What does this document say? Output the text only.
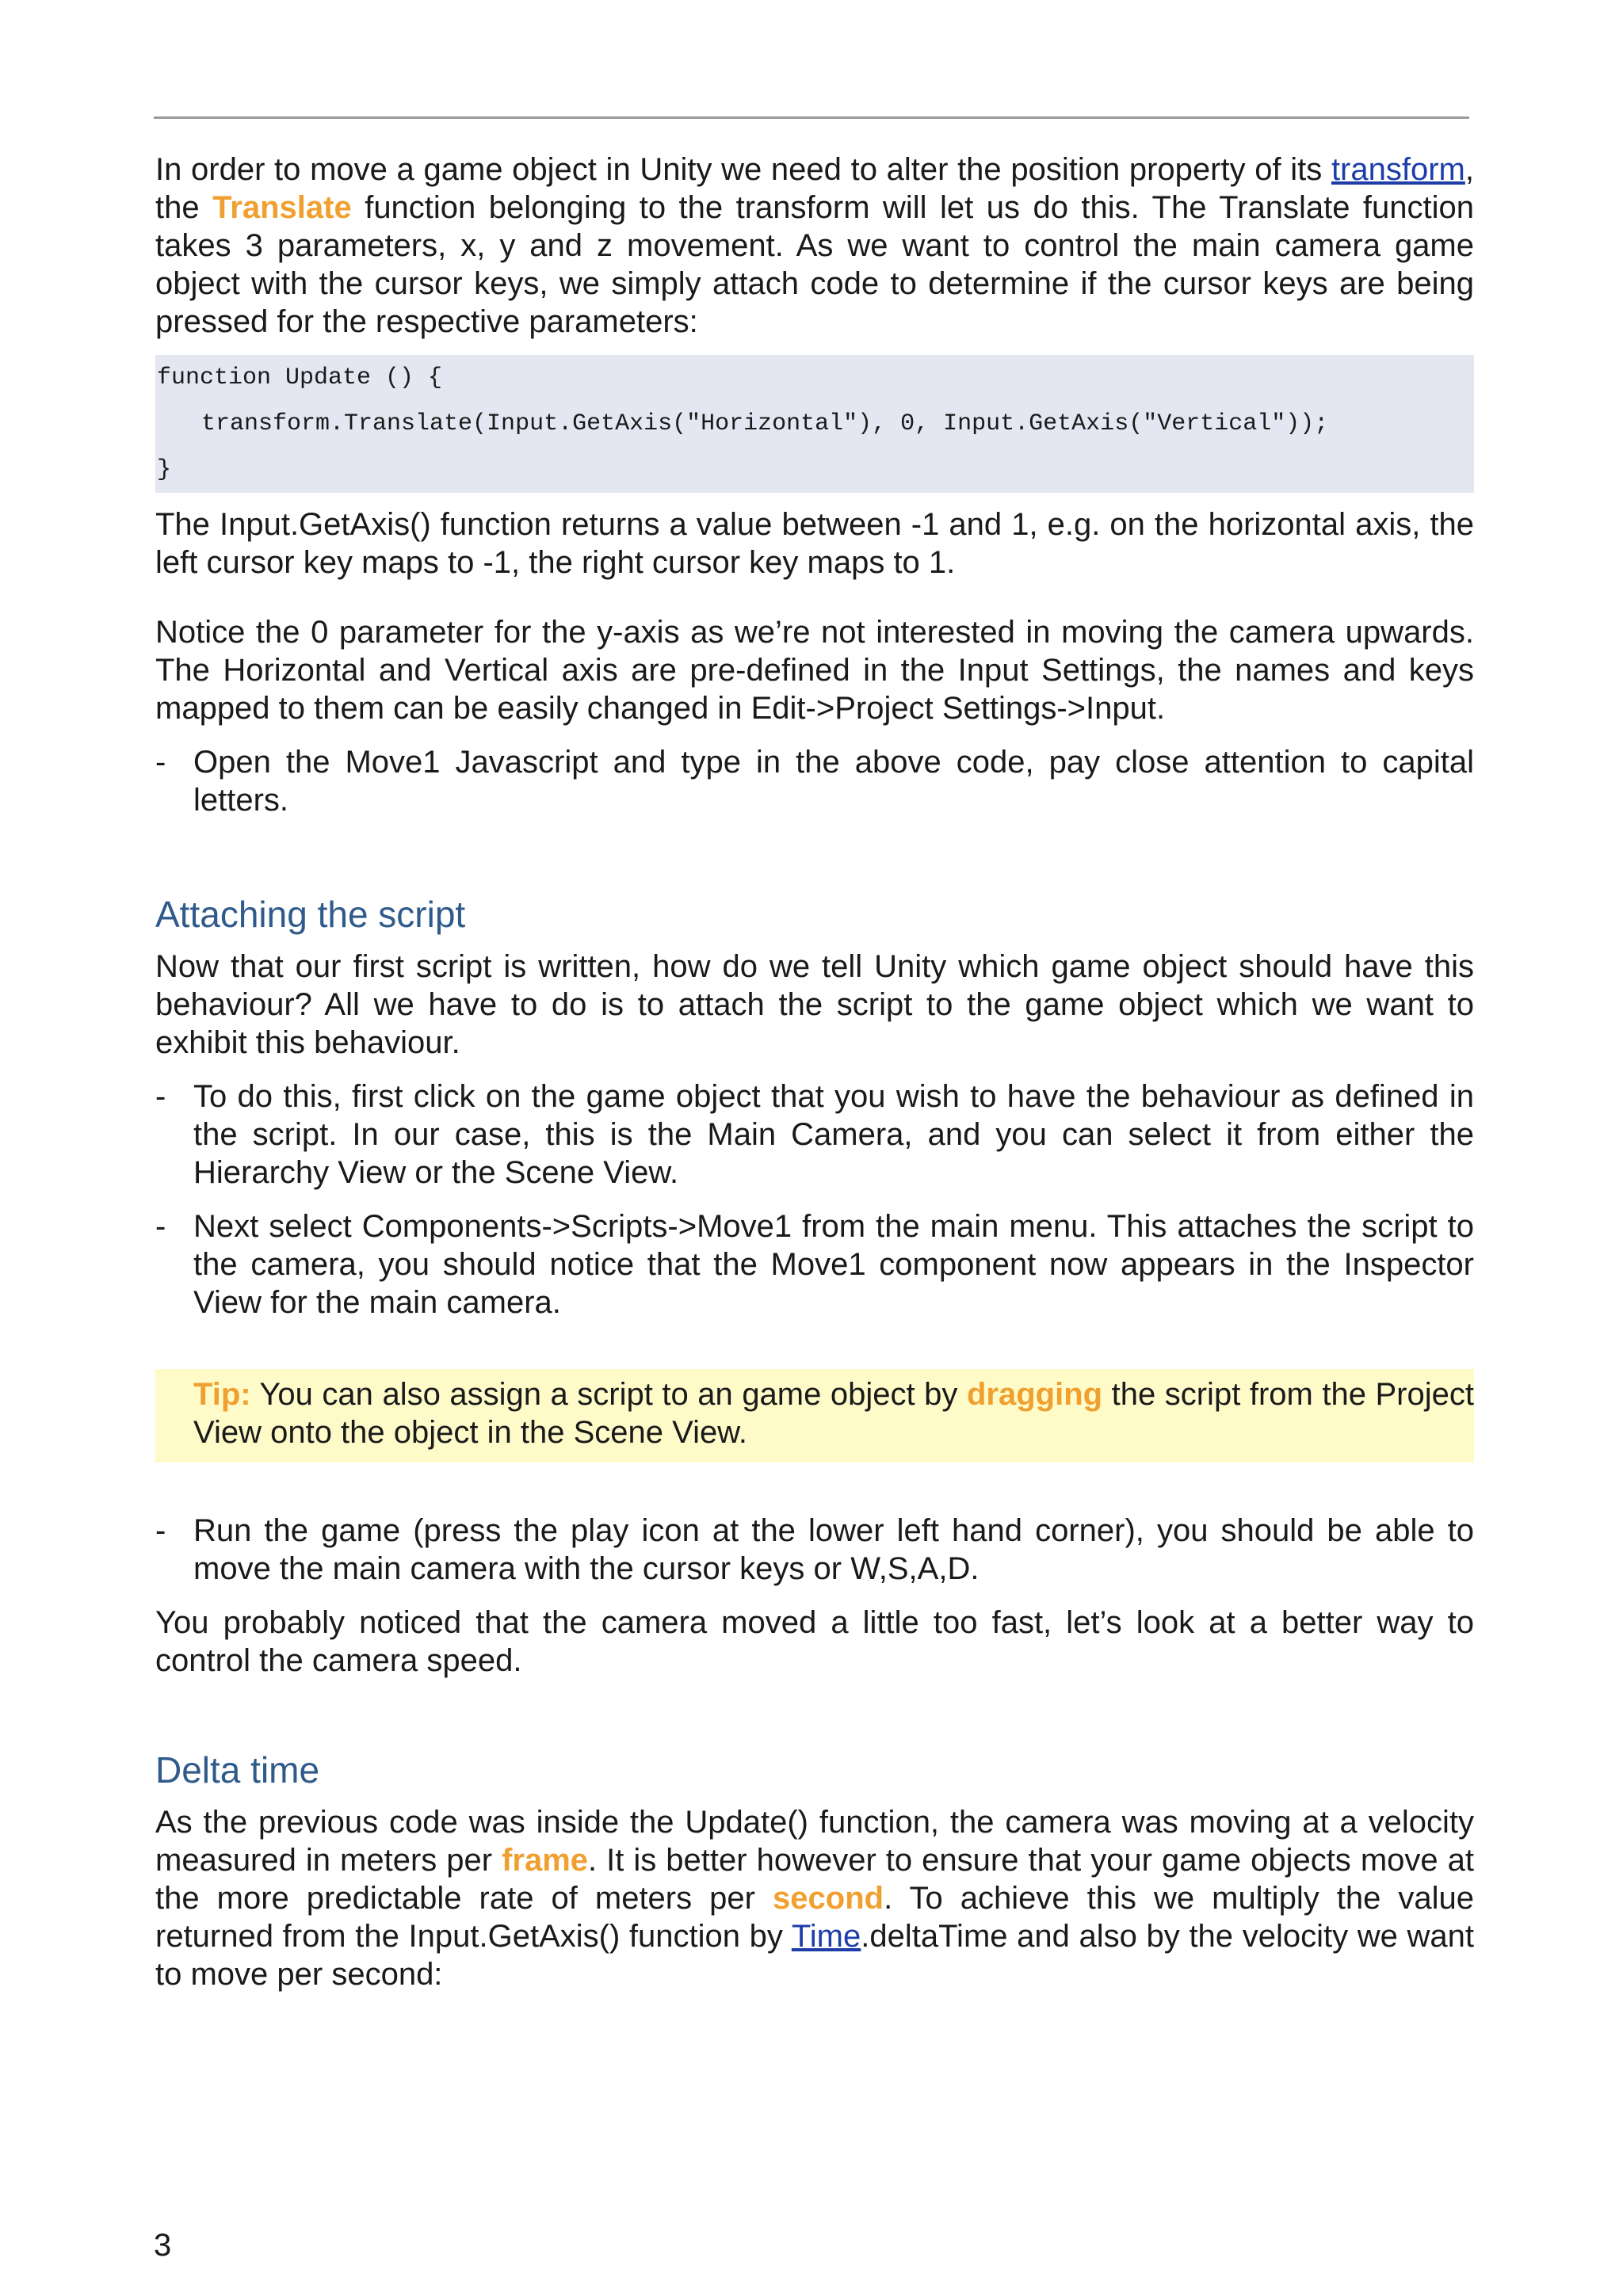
In order to move a game object in Unity we need to alter the position property of its transform, the Translate function belonging to the transform will let us do this. The Translate function takes 3 parameters, x, y and z movement. As we want to control the main camera game object with the cursor keys, we simply attach code to determine if the cursor keys are being pressed for the respective parameters:

function Update () {
transform.Translate(Input.GetAxis("Horizontal"), 0, Input.GetAxis("Vertical"));
}

The Input.GetAxis() function returns a value between -1 and 1, e.g. on the horizontal axis, the left cursor key maps to -1, the right cursor key maps to 1.

Notice the 0 parameter for the y-axis as we’re not interested in moving the camera upwards. The Horizontal and Vertical axis are pre-defined in the Input Settings, the names and keys mapped to them can be easily changed in Edit->Project Settings->Input.

- Open the Move1 Javascript and type in the above code, pay close attention to capital letters.
Attaching the script

Now that our first script is written, how do we tell Unity which game object should have this behaviour? All we have to do is to attach the script to the game object which we want to exhibit this behaviour.

- To do this, first click on the game object that you wish to have the behaviour as defined in the script. In our case, this is the Main Camera, and you can select it from either the Hierarchy View or the Scene View.
- Next select Components->Scripts->Move1 from the main menu. This attaches the script to the camera, you should notice that the Move1 component now appears in the Inspector View for the main camera.
Tip: You can also assign a script to an game object by dragging the script from the Project View onto the object in the Scene View.
- Run the game (press the play icon at the lower left hand corner), you should be able to move the main camera with the cursor keys or W,S,A,D.

You probably noticed that the camera moved a little too fast, let’s look at a better way to control the camera speed.

Delta time

As the previous code was inside the Update() function, the camera was moving at a velocity measured in meters per frame. It is better however to ensure that your game objects move at the more predictable rate of meters per second. To achieve this we multiply the value returned from the Input.GetAxis() function by Time.deltaTime and also by the velocity we want to move per second:

3
